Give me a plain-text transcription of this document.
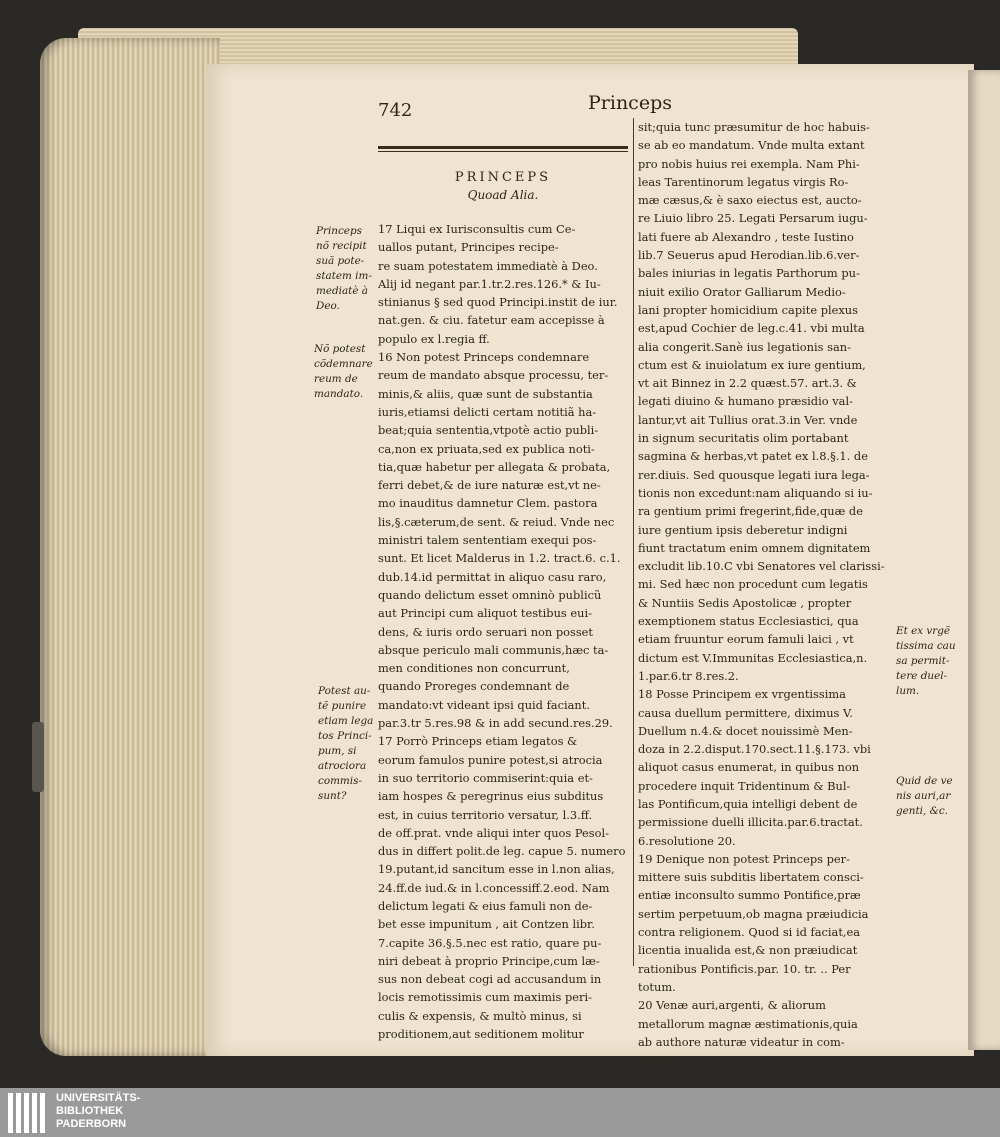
742	Princeps
PRINCEPS
Quoad Alia.
17 Liqui ex Iurisconsultis cum Ce-
uallos putant, Principes recipe-
re suam potestatem immediatè à Deo.
Alij id negant par.1.tr.2.res.126.* & Iu-
stinianus § sed quod Principi.instit de iur.
nat.gen. & ciu. fatetur eam accepisse à
populo ex l.regia ff.
16 Non potest Princeps condemnare
reum de mandato absque processu, ter-
minis,& aliis, quæ sunt de substantia
iuris,etiamsi delicti certam notitiã ha-
beat;quia sententia,vtpotè actio publi-
ca,non ex priuata,sed ex publica noti-
tia,quæ habetur per allegata & probata,
ferri debet,& de iure naturæ est,vt ne-
mo inauditus damnetur Clem. pastora
lis,§.cæterum,de sent. & reiud. Vnde nec
ministri talem sententiam exequi pos-
sunt. Et licet Malderus in 1.2. tract.6. c.1.
dub.14.id permittat in aliquo casu raro,
quando delictum esset omninò publicũ
aut Principi cum aliquot testibus eui-
dens, & iuris ordo seruari non posset
absque periculo mali communis,hæc ta-
men conditiones non concurrunt,
quando Proreges condemnant de
mandato:vt videant ipsi quid faciant.
par.3.tr 5.res.98 & in add secund.res.29.
17 Porrò Princeps etiam legatos &
eorum famulos punire potest,si atrocia
in suo territorio commiserint:quia et-
iam hospes & peregrinus eius subditus
est, in cuius territorio versatur, l.3.ff.
de off.prat. vnde aliqui inter quos Pesol-
dus in differt polit.de leg. capue 5. numero
19.putant,id sancitum esse in l.non alias,
24.ff.de iud.& in l.concessiff.2.eod. Nam
delictum legati & eius famuli non de-
bet esse impunitum , ait Contzen libr.
7.capite 36.§.5.nec est ratio, quare pu-
niri debeat à proprio Principe,cum læ-
sus non debeat cogi ad accusandum in
locis remotissimis cum maximis peri-
culis & expensis, & multò minus, si
proditionem,aut seditionem molitur
sit;quia tunc præsumitur de hoc habuis-
se ab eo mandatum. Vnde multa extant
pro nobis huius rei exempla. Nam Phi-
leas Tarentinorum legatus virgis Ro-
mæ cæsus,& è saxo eiectus est, aucto-
re Liuio libro 25. Legati Persarum iugu-
lati fuere ab Alexandro , teste Iustino
lib.7 Seuerus apud Herodian.lib.6.ver-
bales iniurias in legatis Parthorum pu-
niuit exilio Orator Galliarum Medio-
lani propter homicidium capite plexus
est,apud Cochier de leg.c.41. vbi multa
alia congerit.Sanè ius legationis san-
ctum est & inuiolatum ex iure gentium,
vt ait Binnez in 2.2 quæst.57. art.3. &
legati diuino & humano præsidio val-
lantur,vt ait Tullius orat.3.in Ver. vnde
in signum securitatis olim portabant
sagmina & herbas,vt patet ex l.8.§.1. de
rer.diuis. Sed quousque legati iura lega-
tionis non excedunt:nam aliquando si iu-
ra gentium primi fregerint,fide,quæ de
iure gentium ipsis deberetur indigni
fiunt tractatum enim omnem dignitatem
excludit lib.10.C vbi Senatores vel clarissi-
mi. Sed hæc non procedunt cum legatis
& Nuntiis Sedis Apostolicæ , propter
exemptionem status Ecclesiastici, qua
etiam fruuntur eorum famuli laici , vt
dictum est V.Immunitas Ecclesiastica,n.
1.par.6.tr 8.res.2.
18 Posse Principem ex vrgentissima
causa duellum permittere, diximus V.
Duellum n.4.& docet nouissimè Men-
doza in 2.2.disput.170.sect.11.§.173. vbi
aliquot casus enumerat, in quibus non
procedere inquit Tridentinum & Bul-
las Pontificum,quia intelligi debent de
permissione duelli illicita.par.6.tractat.
6.resolutione 20.
19 Denique non potest Princeps per-
mittere suis subditis libertatem consci-
entiæ inconsulto summo Pontifice,præ
sertim perpetuum,ob magna præiudicia
contra religionem. Quod si id faciat,ea
licentia inualida est,& non præiudicat
rationibus Pontificis.par. 10. tr. .. Per
totum.
20 Venæ auri,argenti, & aliorum
metallorum magnæ æstimationis,quia
ab authore naturæ videatur in com-
mune,
Princeps
nõ recipit
suã pote-
statem im-
mediatè à
Deo.
Nõ potest
cõdemnare
reum de
mandato.
Potest au-
tẽ punire
etiam lega
tos Princi-
pum, si
atrociora
commis-
sunt?
Et ex vrgẽ
tissima cau
sa permit-
tere duel-
lum.
Quid de ve
nis auri,ar
genti, &c.
UNIVERSITÄTS-
BIBLIOTHEK
PADERBORN
